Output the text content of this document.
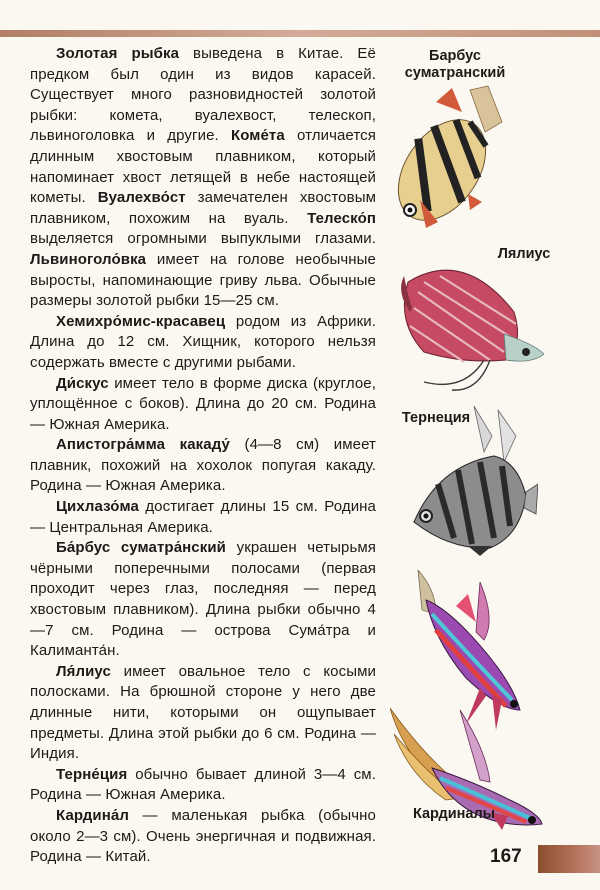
Золотая рыбка выведена в Китае. Её предком был один из видов карасей. Существует много разновидностей золотой рыбки: комета, вуалехвост, телескоп, львиноголовка и другие. Коме́та отличается длинным хвостовым плавником, который напоминает хвост летящей в небе настоящей кометы. Вуалехво́ст замечателен хвостовым плавником, похожим на вуаль. Телеско́п выделяется огромными выпуклыми глазами. Львиноголо́вка имеет на голове необычные выросты, напоминающие гриву льва. Обычные размеры золотой рыбки 15—25 см.

Хемихро́мис-красавец родом из Африки. Длина до 12 см. Хищник, которого нельзя содержать вместе с другими рыбами.

Ди́скус имеет тело в форме диска (круглое, уплощённое с боков). Длина до 20 см. Родина — Южная Америка.

Апистогра́мма какаду́ (4—8 см) имеет плавник, похожий на хохолок попугая какаду. Родина — Южная Америка.

Цихлазо́ма достигает длины 15 см. Родина — Центральная Америка.

Ба́рбус суматра́нский украшен четырьмя чёрными поперечными полосами (первая проходит через глаз, последняя — перед хвостовым плавником). Длина рыбки обычно 4—7 см. Родина — острова Сума́тра и Калиманта́н.

Ля́лиус имеет овальное тело с косыми полосками. На брюшной стороне у него две длинные нити, которыми он ощупывает предметы. Длина этой рыбки до 6 см. Родина — Индия.

Терне́ция обычно бывает длиной 3—4 см. Родина — Южная Америка.

Кардина́л — маленькая рыбка (обычно около 2—3 см). Очень энергичная и подвижная. Родина — Китай.

Барбус
суматранский
Лялиус
Тернеция
Кардиналы
167
